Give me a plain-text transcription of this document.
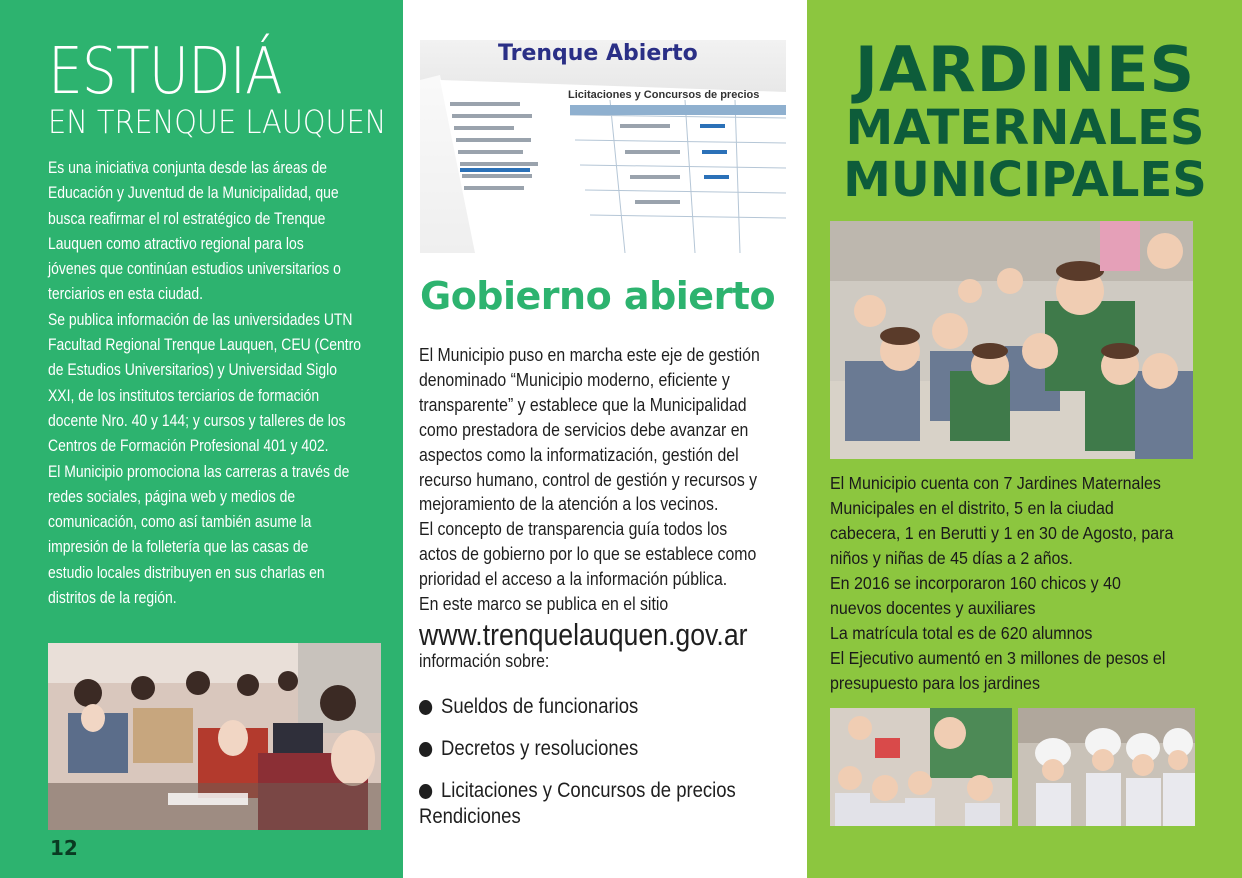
ESTUDIÁ
EN TRENQUE LAUQUEN

Es una iniciativa conjunta desde las áreas de

Educación y Juventud de la Municipalidad, que

busca reafirmar el rol estratégico de Trenque

Lauquen como atractivo regional para los

jóvenes que continúan estudios universitarios o

terciarios en esta ciudad.

Se publica información de las universidades UTN

Facultad Regional Trenque Lauquen, CEU (Centro

de Estudios Universitarios) y Universidad Siglo

XXI, de los institutos terciarios de formación

docente Nro. 40 y 144; y cursos y talleres de los

Centros de Formación Profesional 401 y 402.

El Municipio promociona las carreras a través de

redes sociales, página web y medios de

comunicación, como así también asume la

impresión de la folletería que las casas de

estudio locales distribuyen en sus charlas en

distritos de la región.

12
Licitaciones y Concursos de precios
Trenque Abierto
Gobierno abierto

El Municipio puso en marcha este eje de gestión

denominado “Municipio moderno, eficiente y

transparente” y establece que la Municipalidad

como prestadora de servicios debe avanzar en

aspectos como la informatización, gestión del

recurso humano, control de gestión y recursos y

mejoramiento de la atención a los vecinos.

El concepto de transparencia guía todos los

actos de gobierno por lo que se establece como

prioridad el acceso a la información pública.

En este marco se publica en el sitio

www.trenquelauquen.gov.ar
información sobre:
Sueldos de funcionarios
Decretos y resoluciones
Licitaciones y Concursos de precios
Rendiciones
JARDINES
MATERNALES
MUNICIPALES

El Municipio cuenta con 7 Jardines Maternales

Municipales en el distrito, 5 en la ciudad

cabecera, 1 en Berutti y 1 en 30 de Agosto, para

niños y niñas de 45 días a 2 años.

En 2016 se incorporaron 160 chicos y 40

nuevos docentes y auxiliares

La matrícula total es de 620 alumnos

El Ejecutivo aumentó en 3 millones de pesos el

presupuesto para los jardines
